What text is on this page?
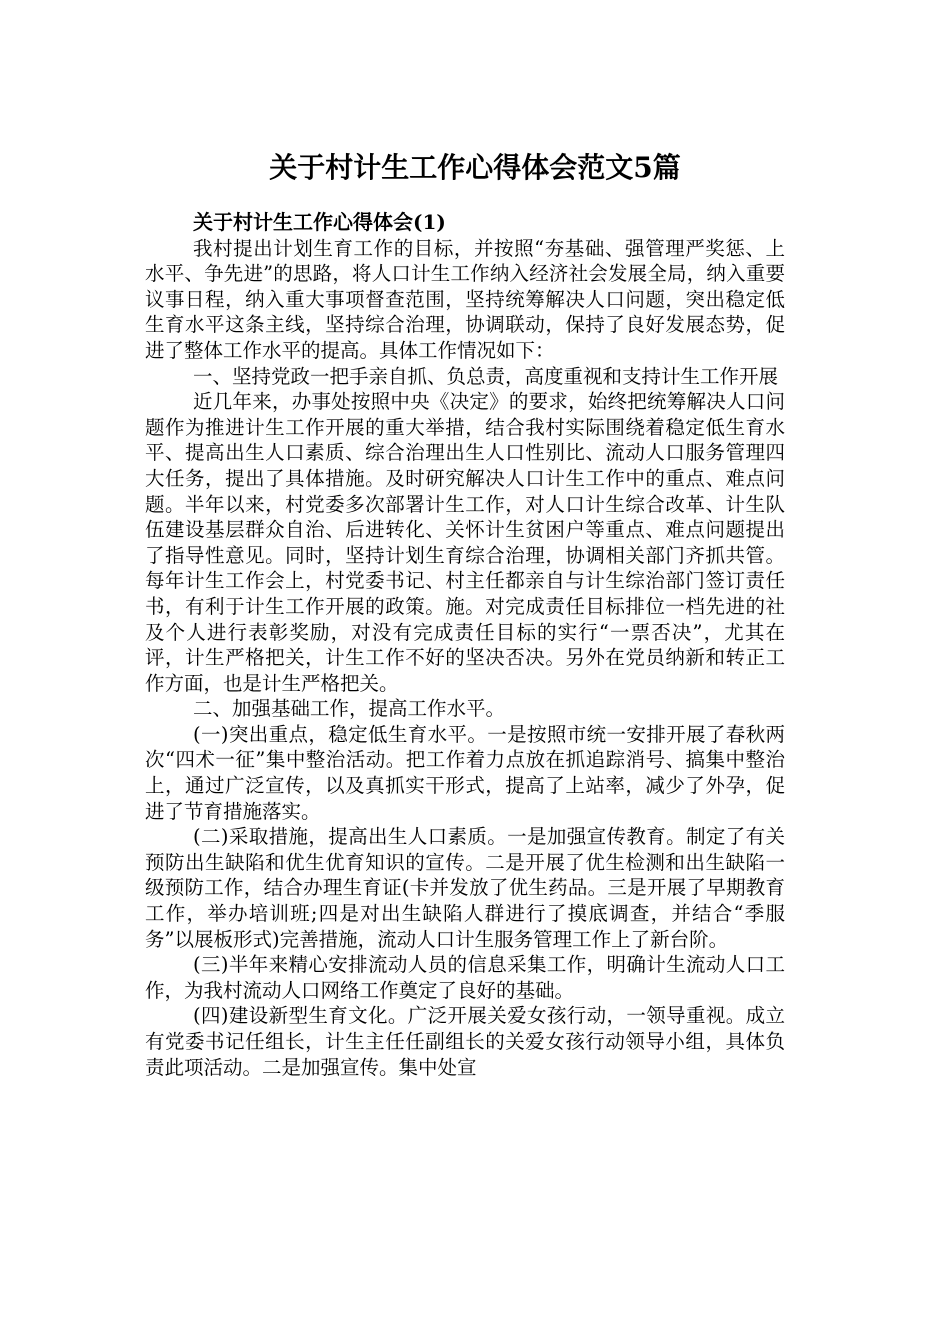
关于村计生工作心得体会范文5篇

关于村计生工作心得体会(1)

我村提出计划生育工作的目标，并按照“夯基础、强管理严奖惩、上水平、争先进”的思路，将人口计生工作纳入经济社会发展全局，纳入重要议事日程，纳入重大事项督查范围，坚持统筹解决人口问题，突出稳定低生育水平这条主线，坚持综合治理，协调联动，保持了良好发展态势，促进了整体工作水平的提高。具体工作情况如下：

一、坚持党政一把手亲自抓、负总责，高度重视和支持计生工作开展

近几年来，办事处按照中央《决定》的要求，始终把统筹解决人口问题作为推进计生工作开展的重大举措，结合我村实际围绕着稳定低生育水平、提高出生人口素质、综合治理出生人口性别比、流动人口服务管理四大任务，提出了具体措施。及时研究解决人口计生工作中的重点、难点问题。半年以来，村党委多次部署计生工作，对人口计生综合改革、计生队伍建设基层群众自治、后进转化、关怀计生贫困户等重点、难点问题提出了指导性意见。同时，坚持计划生育综合治理，协调相关部门齐抓共管。每年计生工作会上，村党委书记、村主任都亲自与计生综治部门签订责任书，有利于计生工作开展的政策。施。对完成责任目标排位一档先进的社及个人进行表彰奖励，对没有完成责任目标的实行“一票否决”，尤其在评，计生严格把关，计生工作不好的坚决否决。另外在党员纳新和转正工作方面，也是计生严格把关。

二、加强基础工作，提高工作水平。

(一)突出重点，稳定低生育水平。一是按照市统一安排开展了春秋两次“四术一征”集中整治活动。把工作着力点放在抓追踪消号、搞集中整治上，通过广泛宣传，以及真抓实干形式，提高了上站率，减少了外孕，促进了节育措施落实。

(二)采取措施，提高出生人口素质。一是加强宣传教育。制定了有关预防出生缺陷和优生优育知识的宣传。二是开展了优生检测和出生缺陷一级预防工作，结合办理生育证(卡并发放了优生药品。三是开展了早期教育工作，举办培训班;四是对出生缺陷人群进行了摸底调查，并结合“季服务”以展板形式)完善措施，流动人口计生服务管理工作上了新台阶。

(三)半年来精心安排流动人员的信息采集工作，明确计生流动人口工作，为我村流动人口网络工作奠定了良好的基础。

(四)建设新型生育文化。广泛开展关爱女孩行动，一领导重视。成立有党委书记任组长，计生主任任副组长的关爱女孩行动领导小组，具体负责此项活动。二是加强宣传。集中处宣
